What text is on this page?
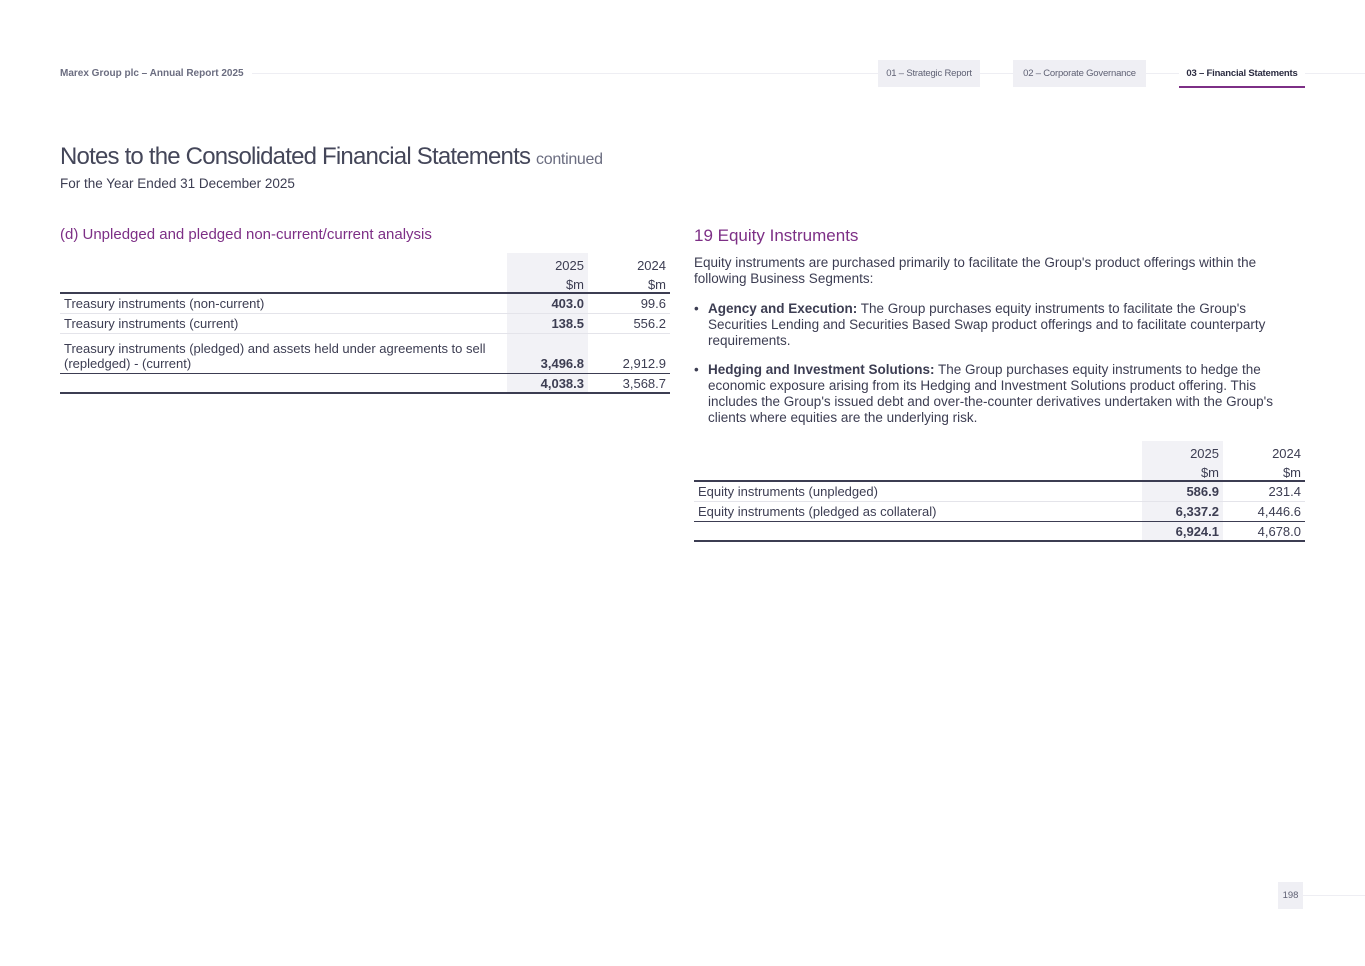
Marex Group plc – Annual Report 2025	01 – Strategic Report	02 – Corporate Governance	03 – Financial Statements
Notes to the Consolidated Financial Statements continued
For the Year Ended 31 December 2025
(d) Unpledged and pledged non-current/current analysis
	2025	2024
	$m	$m
Treasury instruments (non-current)	403.0	99.6
Treasury instruments (current)	138.5	556.2
Treasury instruments (pledged) and assets held under agreements to sell (repledged) - (current)	3,496.8	2,912.9
	4,038.3	3,568.7
19 Equity Instruments
Equity instruments are purchased primarily to facilitate the Group's product offerings within the following Business Segments:
• Agency and Execution: The Group purchases equity instruments to facilitate the Group's Securities Lending and Securities Based Swap product offerings and to facilitate counterparty requirements.
• Hedging and Investment Solutions: The Group purchases equity instruments to hedge the economic exposure arising from its Hedging and Investment Solutions product offering. This includes the Group's issued debt and over-the-counter derivatives undertaken with the Group's clients where equities are the underlying risk.
	2025	2024
	$m	$m
Equity instruments (unpledged)	586.9	231.4
Equity instruments (pledged as collateral)	6,337.2	4,446.6
	6,924.1	4,678.0
198
